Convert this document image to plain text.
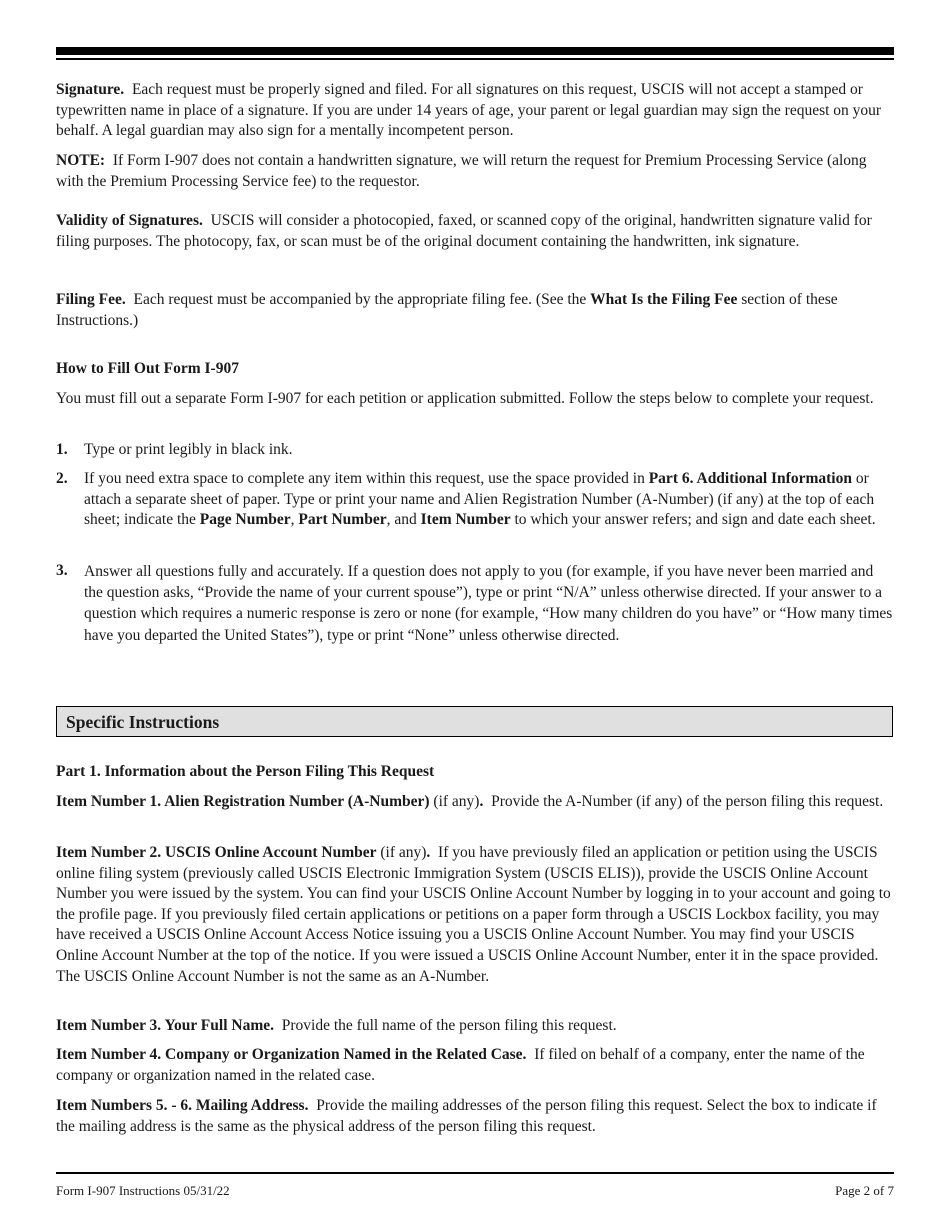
Signature. Each request must be properly signed and filed. For all signatures on this request, USCIS will not accept a stamped or typewritten name in place of a signature. If you are under 14 years of age, your parent or legal guardian may sign the request on your behalf. A legal guardian may also sign for a mentally incompetent person.

NOTE: If Form I-907 does not contain a handwritten signature, we will return the request for Premium Processing Service (along with the Premium Processing Service fee) to the requestor.

Validity of Signatures. USCIS will consider a photocopied, faxed, or scanned copy of the original, handwritten signature valid for filing purposes. The photocopy, fax, or scan must be of the original document containing the handwritten, ink signature.

Filing Fee. Each request must be accompanied by the appropriate filing fee. (See the What Is the Filing Fee section of these Instructions.)

How to Fill Out Form I-907

You must fill out a separate Form I-907 for each petition or application submitted. Follow the steps below to complete your request.

1. Type or print legibly in black ink.
2. If you need extra space to complete any item within this request, use the space provided in Part 6. Additional Information or attach a separate sheet of paper. Type or print your name and Alien Registration Number (A-Number) (if any) at the top of each sheet; indicate the Page Number, Part Number, and Item Number to which your answer refers; and sign and date each sheet.
3. Answer all questions fully and accurately. If a question does not apply to you (for example, if you have never been married and the question asks, “Provide the name of your current spouse”), type or print “N/A” unless otherwise directed. If your answer to a question which requires a numeric response is zero or none (for example, “How many children do you have” or “How many times have you departed the United States”), type or print “None” unless otherwise directed.
Specific Instructions

Part 1. Information about the Person Filing This Request

Item Number 1. Alien Registration Number (A-Number) (if any). Provide the A-Number (if any) of the person filing this request.

Item Number 2. USCIS Online Account Number (if any). If you have previously filed an application or petition using the USCIS online filing system (previously called USCIS Electronic Immigration System (USCIS ELIS)), provide the USCIS Online Account Number you were issued by the system. You can find your USCIS Online Account Number by logging in to your account and going to the profile page. If you previously filed certain applications or petitions on a paper form through a USCIS Lockbox facility, you may have received a USCIS Online Account Access Notice issuing you a USCIS Online Account Number. You may find your USCIS Online Account Number at the top of the notice. If you were issued a USCIS Online Account Number, enter it in the space provided. The USCIS Online Account Number is not the same as an A-Number.

Item Number 3. Your Full Name. Provide the full name of the person filing this request.

Item Number 4. Company or Organization Named in the Related Case. If filed on behalf of a company, enter the name of the company or organization named in the related case.

Item Numbers 5. - 6. Mailing Address. Provide the mailing addresses of the person filing this request. Select the box to indicate if the mailing address is the same as the physical address of the person filing this request.

Form I-907 Instructions 05/31/22	Page 2 of 7
